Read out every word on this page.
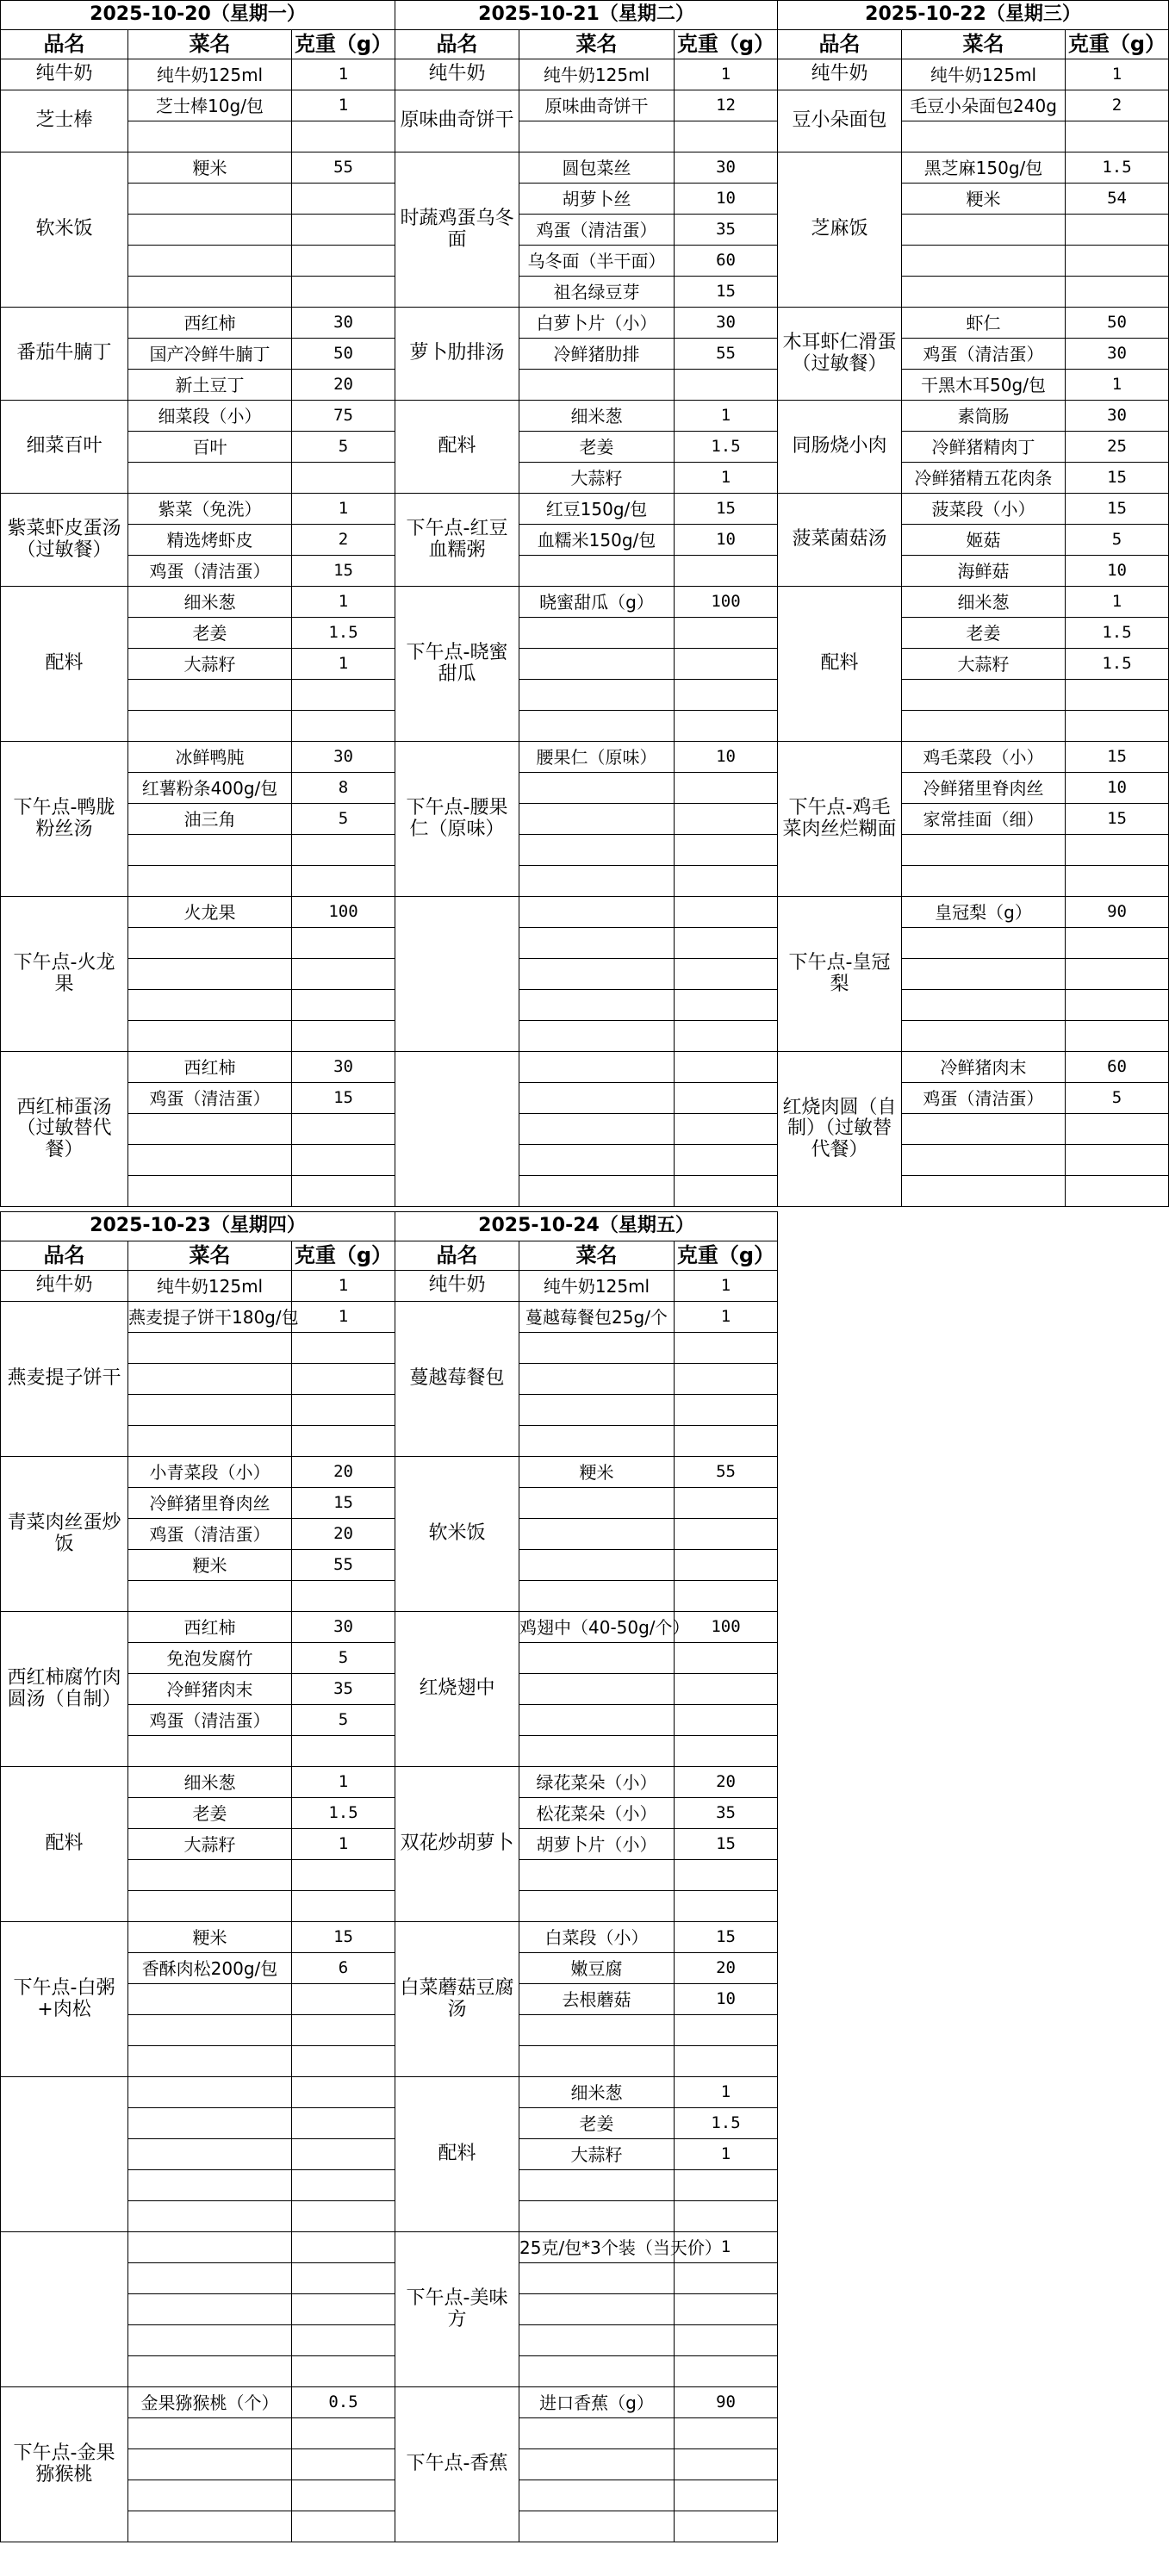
2025-10-20（星期一）		
品名	菜名	克重（g）
纯牛奶	纯牛奶125ml	1
芝士棒	芝士棒10g/包	1

软米饭	粳米	55

番茄牛腩丁	西红柿	30
	国产冷鲜牛腩丁	50
	新土豆丁	20
细菜百叶	细菜段（小）	75
	百叶	5

紫菜虾皮蛋汤（过敏餐）	紫菜（免洗）	1
	精选烤虾皮	2
	鸡蛋（清洁蛋）	15
配料	细米葱	1
	老姜	1.5
	大蒜籽	1

下午点-鸭胧粉丝汤	冰鲜鸭肫	30
	红薯粉条400g/包	8
	油三角	5

下午点-火龙果	火龙果	100

西红柿蛋汤（过敏替代餐）	西红柿	30
	鸡蛋（清洁蛋）	15

2025-10-21（星期二）		
品名	菜名	克重（g）
纯牛奶	纯牛奶125ml	1
原味曲奇饼干	原味曲奇饼干	12

时蔬鸡蛋乌冬面	圆包菜丝	30
	胡萝卜丝	10
	鸡蛋（清洁蛋）	35
	乌冬面（半干面）	60
	祖名绿豆芽	15
萝卜肋排汤	白萝卜片（小）	30
	冷鲜猪肋排	55

配料	细米葱	1
	老姜	1.5
	大蒜籽	1
下午点-红豆血糯粥	红豆150g/包	15
	血糯米150g/包	10

下午点-晓蜜甜瓜	晓蜜甜瓜（g）	100

下午点-腰果仁（原味）	腰果仁（原味）	10

2025-10-22（星期三）		
品名	菜名	克重（g）
纯牛奶	纯牛奶125ml	1
豆小朵面包	毛豆小朵面包240g	2

芝麻饭	黑芝麻150g/包	1.5
	粳米	54

木耳虾仁滑蛋（过敏餐）	虾仁	50
	鸡蛋（清洁蛋）	30
	干黑木耳50g/包	1
同肠烧小肉	素筒肠	30
	冷鲜猪精肉丁	25
	冷鲜猪精五花肉条	15
菠菜菌菇汤	菠菜段（小）	15
	姬菇	5
	海鲜菇	10
配料	细米葱	1
	老姜	1.5
	大蒜籽	1.5

下午点-鸡毛菜肉丝烂糊面	鸡毛菜段（小）	15
	冷鲜猪里脊肉丝	10
	家常挂面（细）	15

下午点-皇冠梨	皇冠梨（g）	90

红烧肉圆（自制）（过敏替代餐）	冷鲜猪肉末	60
	鸡蛋（清洁蛋）	5

2025-10-23（星期四）		
品名	菜名	克重（g）
纯牛奶	纯牛奶125ml	1
燕麦提子饼干	燕麦提子饼干180g/包	1

青菜肉丝蛋炒饭	小青菜段（小）	20
	冷鲜猪里脊肉丝	15
	鸡蛋（清洁蛋）	20
	粳米	55

西红柿腐竹肉圆汤（自制）	西红柿	30
	免泡发腐竹	5
	冷鲜猪肉末	35
	鸡蛋（清洁蛋）	5

配料	细米葱	1
	老姜	1.5
	大蒜籽	1

下午点-白粥+肉松	粳米	15
	香酥肉松200g/包	6

下午点-金果猕猴桃	金果猕猴桃（个）	0.5

2025-10-24（星期五）		
品名	菜名	克重（g）
纯牛奶	纯牛奶125ml	1
蔓越莓餐包	蔓越莓餐包25g/个	1

软米饭	粳米	55

红烧翅中	鸡翅中（40-50g/个）	100

双花炒胡萝卜	绿花菜朵（小）	20
	松花菜朵（小）	35
	胡萝卜片（小）	15

白菜蘑菇豆腐汤	白菜段（小）	15
	嫩豆腐	20
	去根蘑菇	10

配料	细米葱	1
	老姜	1.5
	大蒜籽	1

下午点-美味方	25克/包*3个装（当天价）	1

下午点-香蕉	进口香蕉（g）	90
